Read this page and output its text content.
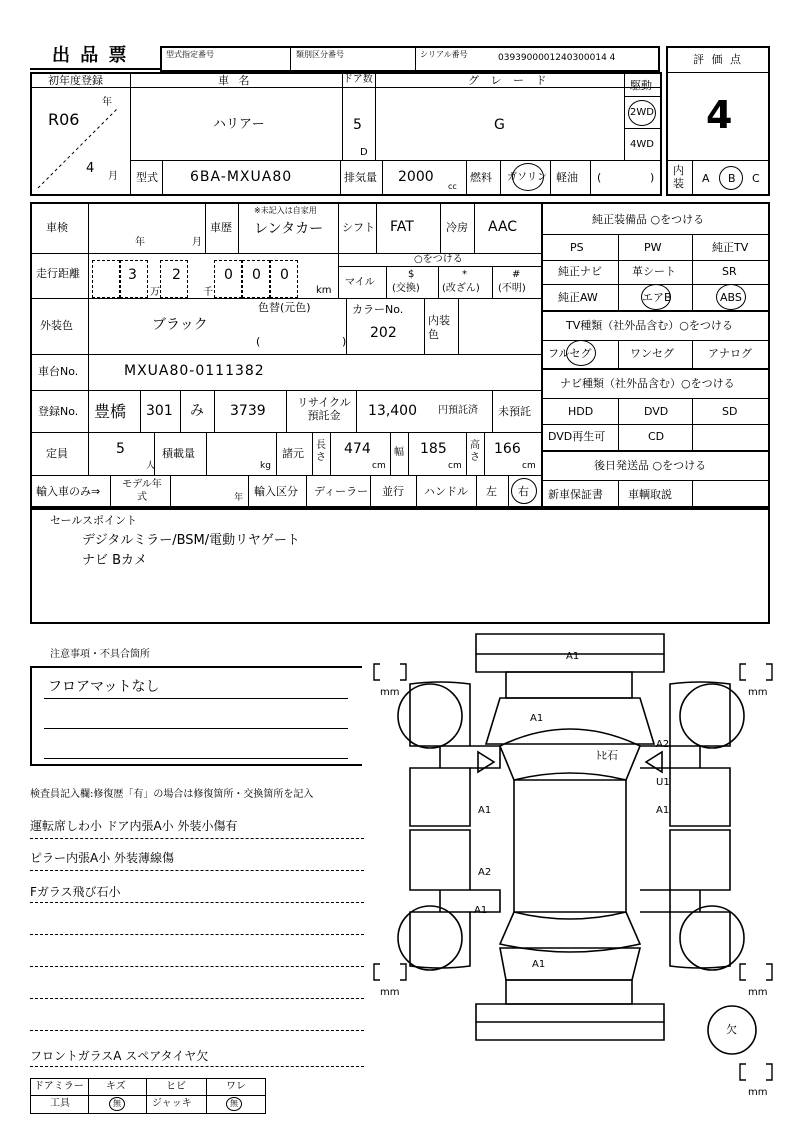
出 品 票	型式指定番号	類別区分番号	シリアル番号	0393900001240300014 4	評 価 点
4
内装 A B C
初年度登録
R06
年
4
月
車 名
ハリアー
ドア数
5
D
グ レ ー ド
G
駆動
2WD
4WD
型式 6BA-MXUA80	排気量 2000
cc
燃料 ガソリン 軽油 (	)
車検
年	月
車歴
※未記入は自家用
レンタカー シフト FAT	冷房 AAC
走行距離	3	2	0 0 0
万	千	km
○をつける
マイル
$
(交換)
*
(改ざん)
#
(不明)
外装色
色替(元色)
ブラック
(	)
カラーNo.
202
内装色
車台No.	MXUA80-0111382
登録No. 豊橋 301 み 3739
リサイクル預託金	13,400 円預託済 未預託
定員	5
人
積載量
kg
諸元
長さ
474
cm
幅 185
cm
高さ
166
cm
輸入車のみ⇒
モデル年式	年 輸入区分 ディーラー 並行 ハンドル 左 右
純正装備品 ○をつける
PS	PW	純正TV
純正ナビ	革シート	SR
純正AW	エアB	ABS
TV種類（社外品含む）○をつける
フルセグ	ワンセグ	アナログ
ナビ種類（社外品含む）○をつける
HDD	DVD	SD
DVD再生可	CD
後日発送品 ○をつける
新車保証書 車輌取説
セールスポイント
デジタルミラー/BSM/電動リヤゲート
ナビ Bカメ
注意事項・不具合箇所
フロアマットなし
検査員記入欄:修復歴「有」の場合は修復箇所・交換箇所を記入
運転席しわ小 ドア内張A小 外装小傷有
ピラー内張A小 外装薄線傷
Fガラス飛び石小
フロントガラスA スペアタイヤ欠
ドアミラー キズ	ヒビ	ワレ
工具	無	ジャッキ	無
mm	mm
mm	mm
mm
A1
A1
ﾄﾋ石
A2
U1
A1
A1
A2
A1
A1
欠
